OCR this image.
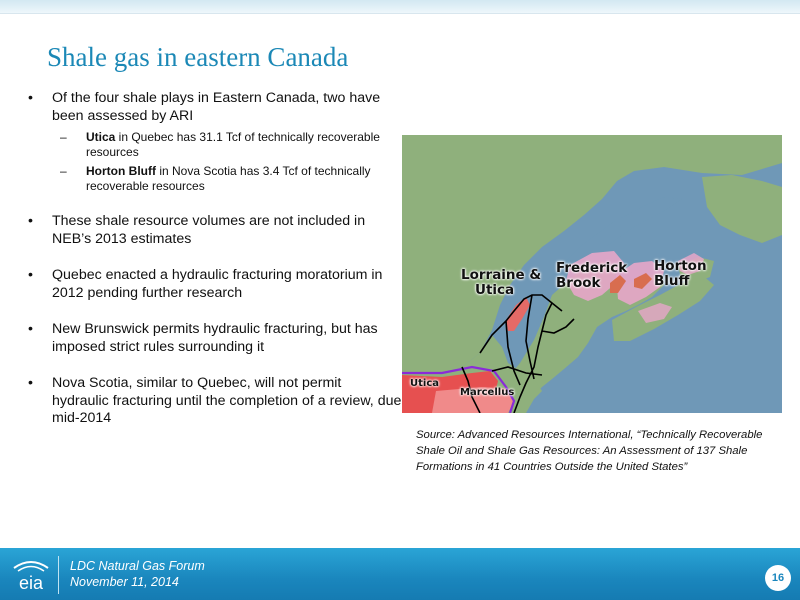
Shale gas in eastern Canada
• Of the four shale plays in Eastern Canada, two have been assessed by ARI
– Utica in Quebec has 31.1 Tcf of technically recoverable resources
– Horton Bluff in Nova Scotia has 3.4 Tcf of technically recoverable resources
• These shale resource volumes are not included in NEB’s 2013 estimates
• Quebec enacted a hydraulic fracturing moratorium in 2012 pending further research
• New Brunswick permits hydraulic fracturing, but has imposed strict rules surrounding it
• Nova Scotia, similar to Quebec, will not permit hydraulic fracturing until the completion of a review, due mid-2014
Lorraine &
Utica
Frederick
Brook
Horton
Bluff
Utica
Marcellus
Source: Advanced Resources International, “Technically Recoverable Shale Oil and Shale Gas Resources: An Assessment of 137 Shale Formations in 41 Countries Outside the United States”
eia
LDC Natural Gas Forum
November 11, 2014	16
